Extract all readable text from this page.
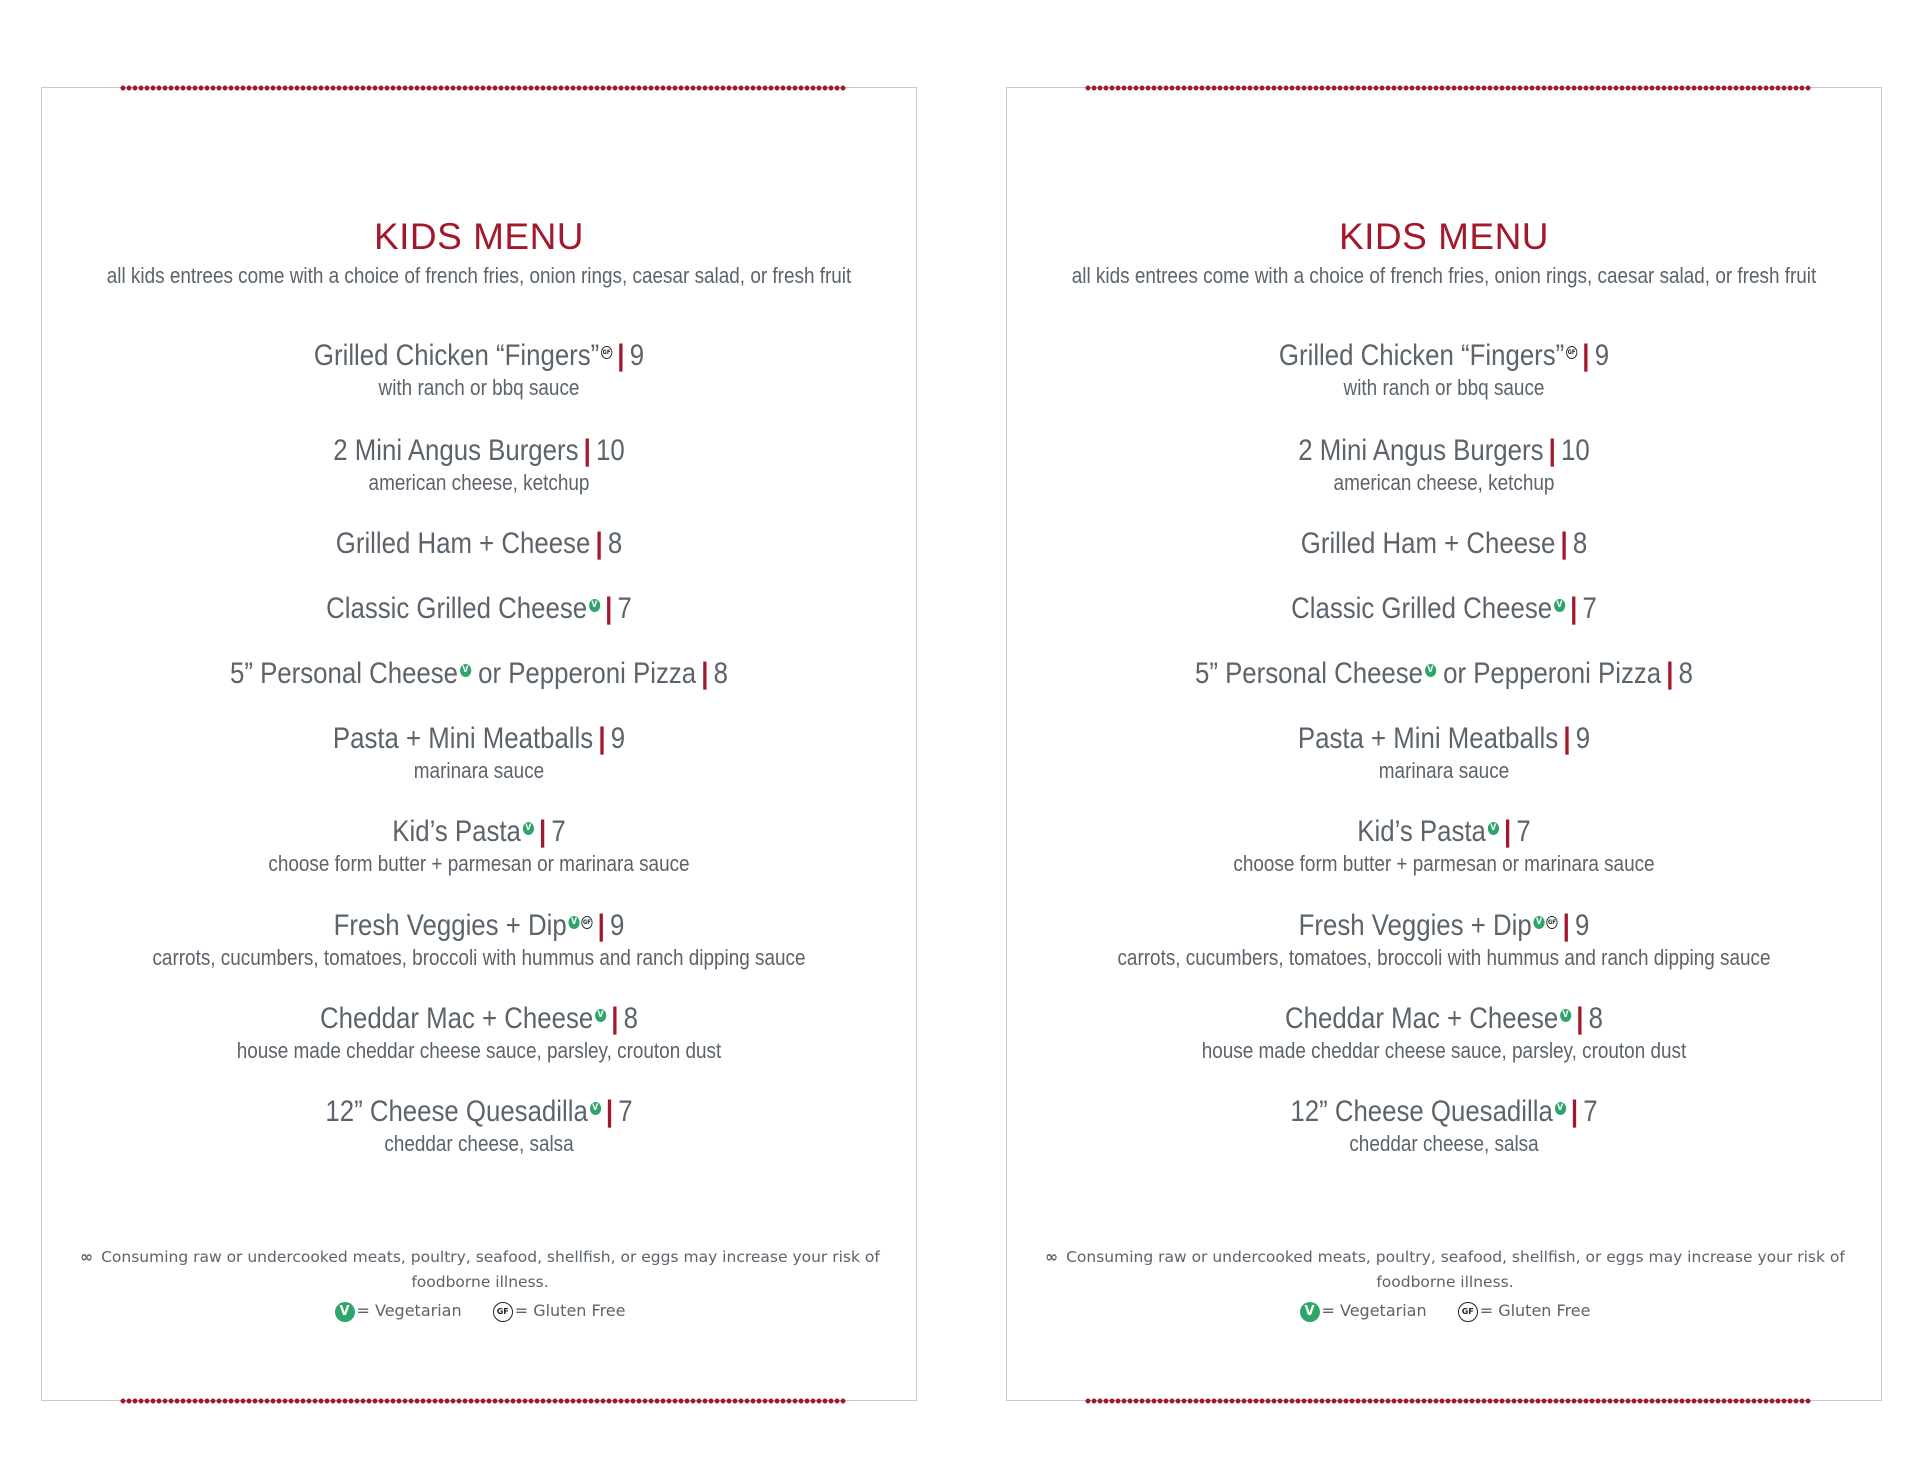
KIDS MENU
all kids entrees come with a choice of french fries, onion rings, caesar salad, or fresh fruit
Grilled Chicken “Fingers” GF | 9
with ranch or bbq sauce
2 Mini Angus Burgers | 10
american cheese, ketchup
Grilled Ham + Cheese | 8
Classic Grilled Cheese V | 7
5” Personal Cheese V or Pepperoni Pizza | 8
Pasta + Mini Meatballs | 9
marinara sauce
Kid’s Pasta V | 7
choose form butter + parmesan or marinara sauce
Fresh Veggies + Dip V GF | 9
carrots, cucumbers, tomatoes, broccoli with hummus and ranch dipping sauce
Cheddar Mac + Cheese V | 8
house made cheddar cheese sauce, parsley, crouton dust
12” Cheese Quesadilla V | 7
cheddar cheese, salsa
∞ Consuming raw or undercooked meats, poultry, seafood, shellfish, or eggs may increase your risk of
foodborne illness.
V = Vegetarian	GF = Gluten Free
KIDS MENU
all kids entrees come with a choice of french fries, onion rings, caesar salad, or fresh fruit
Grilled Chicken “Fingers” GF | 9
with ranch or bbq sauce
2 Mini Angus Burgers | 10
american cheese, ketchup
Grilled Ham + Cheese | 8
Classic Grilled Cheese V | 7
5” Personal Cheese V or Pepperoni Pizza | 8
Pasta + Mini Meatballs | 9
marinara sauce
Kid’s Pasta V | 7
choose form butter + parmesan or marinara sauce
Fresh Veggies + Dip V GF | 9
carrots, cucumbers, tomatoes, broccoli with hummus and ranch dipping sauce
Cheddar Mac + Cheese V | 8
house made cheddar cheese sauce, parsley, crouton dust
12” Cheese Quesadilla V | 7
cheddar cheese, salsa
∞ Consuming raw or undercooked meats, poultry, seafood, shellfish, or eggs may increase your risk of
foodborne illness.
V = Vegetarian	GF = Gluten Free
